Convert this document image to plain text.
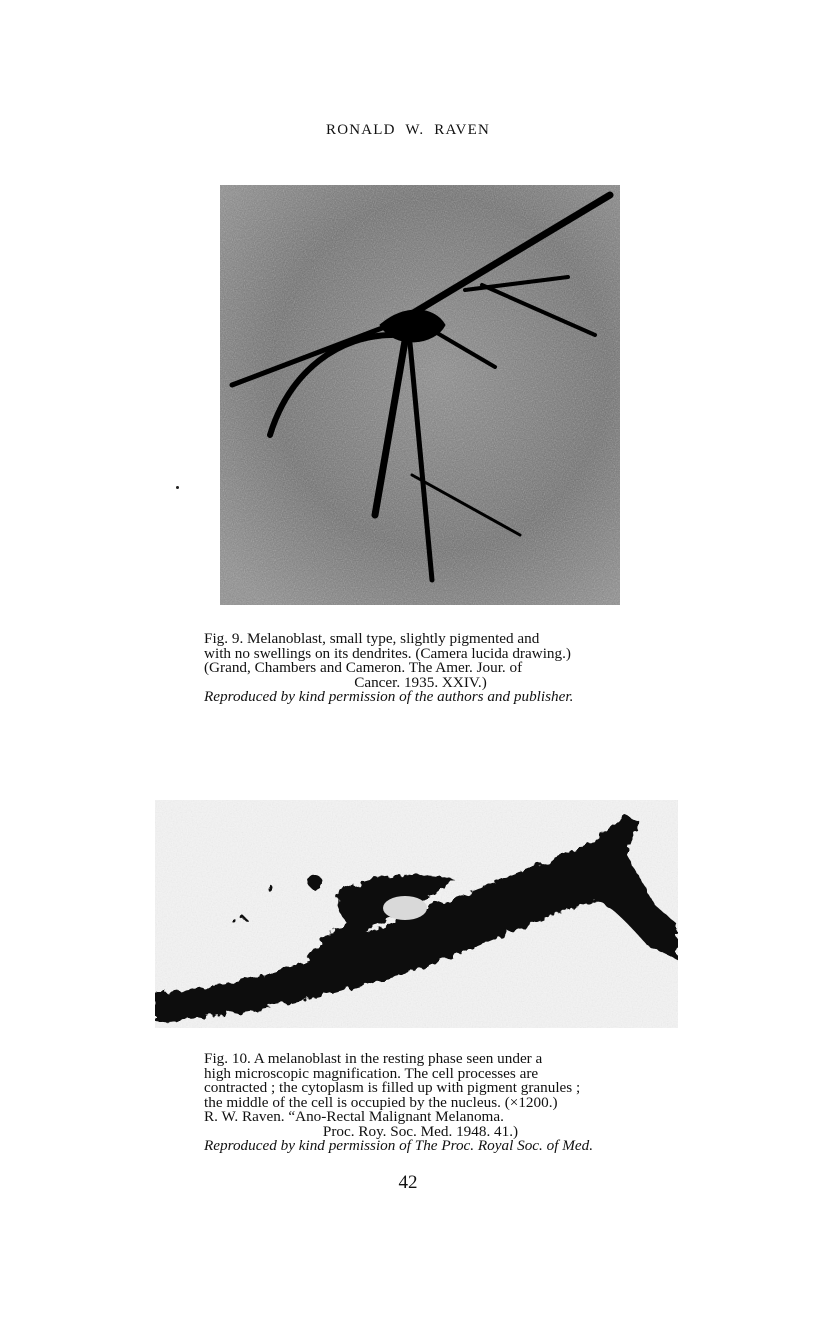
RONALD W. RAVEN
Fig. 9. Melanoblast, small type, slightly pigmented and
with no swellings on its dendrites. (Camera lucida drawing.)
(Grand, Chambers and Cameron. The Amer. Jour. of
Cancer. 1935. XXIV.)
Reproduced by kind permission of the authors and publisher.
Fig. 10. A melanoblast in the resting phase seen under a
high microscopic magnification. The cell processes are
contracted ; the cytoplasm is filled up with pigment granules ;
the middle of the cell is occupied by the nucleus. (×1200.)
R. W. Raven. “Ano-Rectal Malignant Melanoma.
Proc. Roy. Soc. Med. 1948. 41.)
Reproduced by kind permission of The Proc. Royal Soc. of Med.
42
